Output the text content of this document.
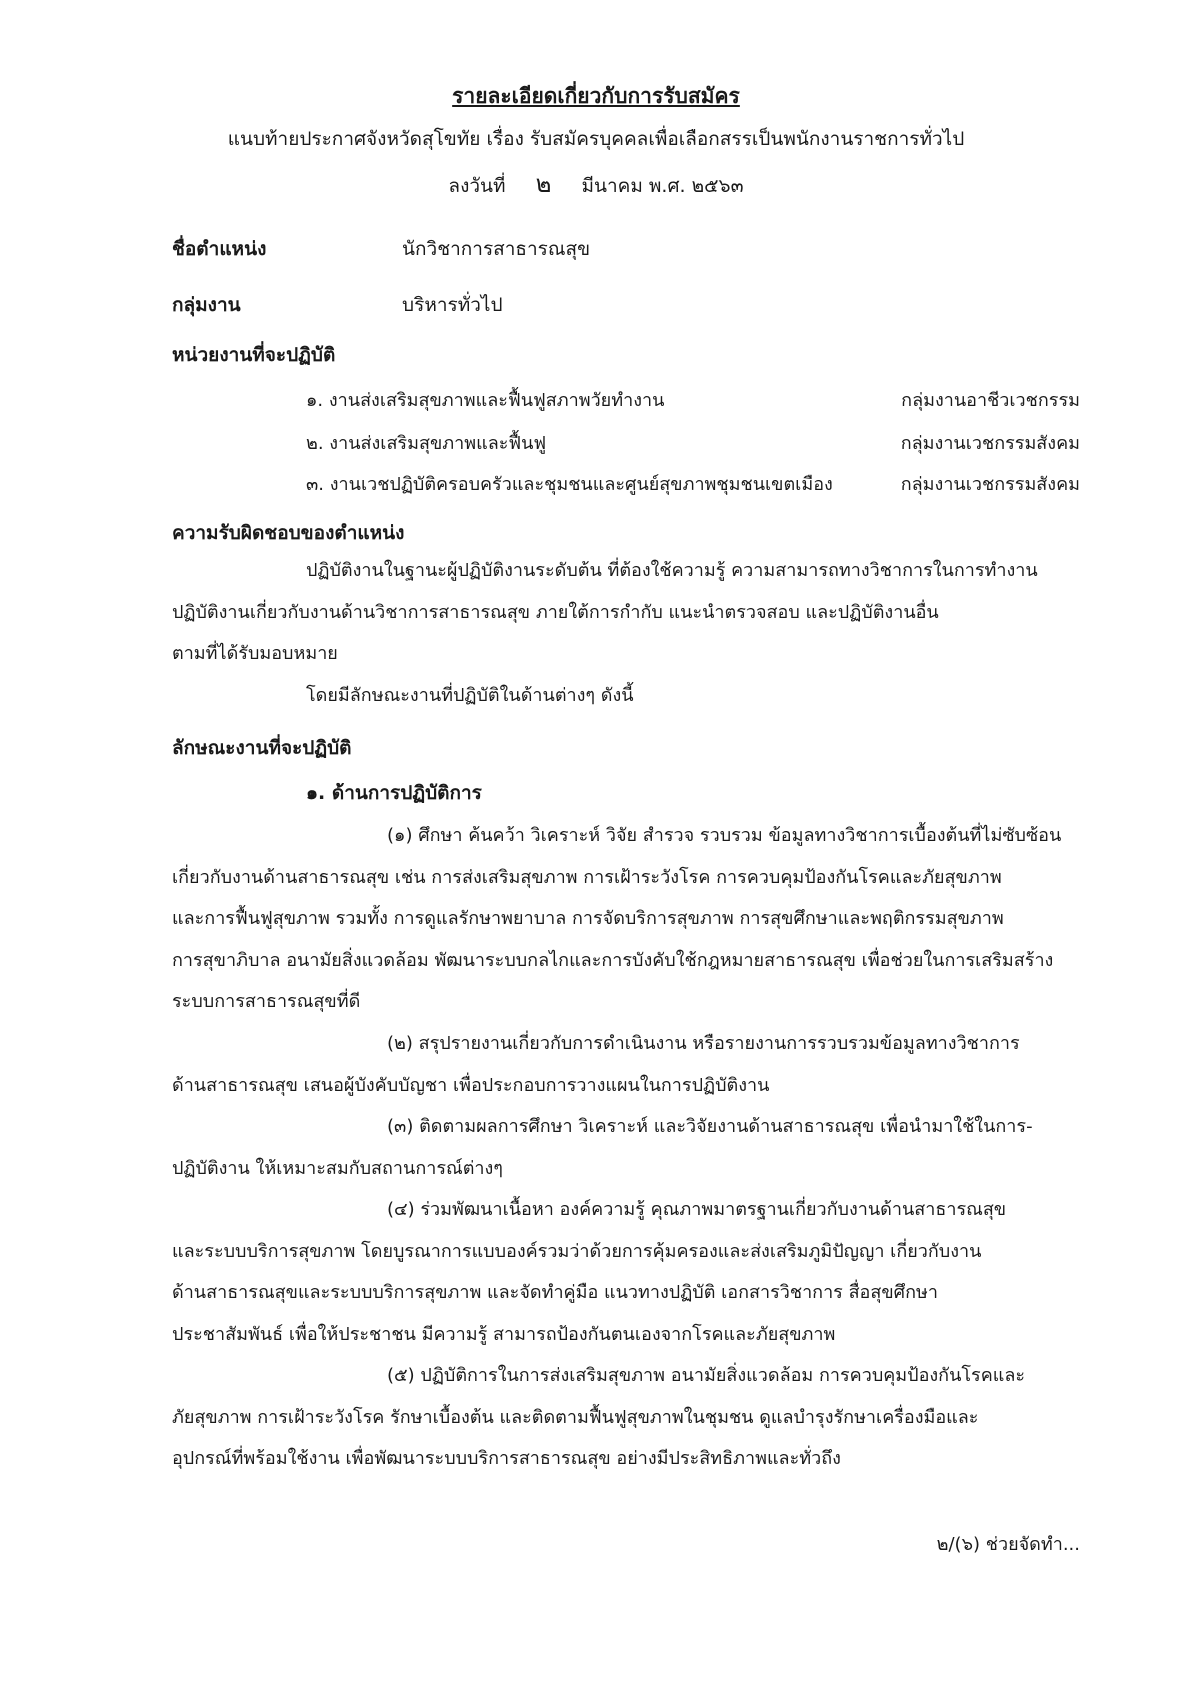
รายละเอียดเกี่ยวกับการรับสมัคร
แนบท้ายประกาศจังหวัดสุโขทัย เรื่อง รับสมัครบุคคลเพื่อเลือกสรรเป็นพนักงานราชการทั่วไป
ลงวันที่ ๒ มีนาคม พ.ศ. ๒๕๖๓
ชื่อตำแหน่ง	นักวิชาการสาธารณสุข
กลุ่มงาน	บริหารทั่วไป
หน่วยงานที่จะปฏิบัติ
๑. งานส่งเสริมสุขภาพและฟื้นฟูสภาพวัยทำงาน	กลุ่มงานอาชีวเวชกรรม
๒. งานส่งเสริมสุขภาพและฟื้นฟู	กลุ่มงานเวชกรรมสังคม
๓. งานเวชปฏิบัติครอบครัวและชุมชนและศูนย์สุขภาพชุมชนเขตเมือง	กลุ่มงานเวชกรรมสังคม
ความรับผิดชอบของตำแหน่ง
ปฏิบัติงานในฐานะผู้ปฏิบัติงานระดับต้น ที่ต้องใช้ความรู้ ความสามารถทางวิชาการในการทำงาน
ปฏิบัติงานเกี่ยวกับงานด้านวิชาการสาธารณสุข ภายใต้การกำกับ แนะนำตรวจสอบ และปฏิบัติงานอื่น
ตามที่ได้รับมอบหมาย
โดยมีลักษณะงานที่ปฏิบัติในด้านต่างๆ ดังนี้
ลักษณะงานที่จะปฏิบัติ
๑. ด้านการปฏิบัติการ
(๑) ศึกษา ค้นคว้า วิเคราะห์ วิจัย สำรวจ รวบรวม ข้อมูลทางวิชาการเบื้องต้นที่ไม่ซับซ้อน
เกี่ยวกับงานด้านสาธารณสุข เช่น การส่งเสริมสุขภาพ การเฝ้าระวังโรค การควบคุมป้องกันโรคและภัยสุขภาพ
และการฟื้นฟูสุขภาพ รวมทั้ง การดูแลรักษาพยาบาล การจัดบริการสุขภาพ การสุขศึกษาและพฤติกรรมสุขภาพ
การสุขาภิบาล อนามัยสิ่งแวดล้อม พัฒนาระบบกลไกและการบังคับใช้กฎหมายสาธารณสุข เพื่อช่วยในการเสริมสร้าง
ระบบการสาธารณสุขที่ดี
(๒) สรุปรายงานเกี่ยวกับการดำเนินงาน หรือรายงานการรวบรวมข้อมูลทางวิชาการ
ด้านสาธารณสุข เสนอผู้บังคับบัญชา เพื่อประกอบการวางแผนในการปฏิบัติงาน
(๓) ติดตามผลการศึกษา วิเคราะห์ และวิจัยงานด้านสาธารณสุข เพื่อนำมาใช้ในการ-
ปฏิบัติงาน ให้เหมาะสมกับสถานการณ์ต่างๆ
(๔) ร่วมพัฒนาเนื้อหา องค์ความรู้ คุณภาพมาตรฐานเกี่ยวกับงานด้านสาธารณสุข
และระบบบริการสุขภาพ โดยบูรณาการแบบองค์รวมว่าด้วยการคุ้มครองและส่งเสริมภูมิปัญญา เกี่ยวกับงาน
ด้านสาธารณสุขและระบบบริการสุขภาพ และจัดทำคู่มือ แนวทางปฏิบัติ เอกสารวิชาการ สื่อสุขศึกษา
ประชาสัมพันธ์ เพื่อให้ประชาชน มีความรู้ สามารถป้องกันตนเองจากโรคและภัยสุขภาพ
(๕) ปฏิบัติการในการส่งเสริมสุขภาพ อนามัยสิ่งแวดล้อม การควบคุมป้องกันโรคและ
ภัยสุขภาพ การเฝ้าระวังโรค รักษาเบื้องต้น และติดตามฟื้นฟูสุขภาพในชุมชน ดูแลบำรุงรักษาเครื่องมือและ
อุปกรณ์ที่พร้อมใช้งาน เพื่อพัฒนาระบบบริการสาธารณสุข อย่างมีประสิทธิภาพและทั่วถึง
๒/(๖) ช่วยจัดทำ...
